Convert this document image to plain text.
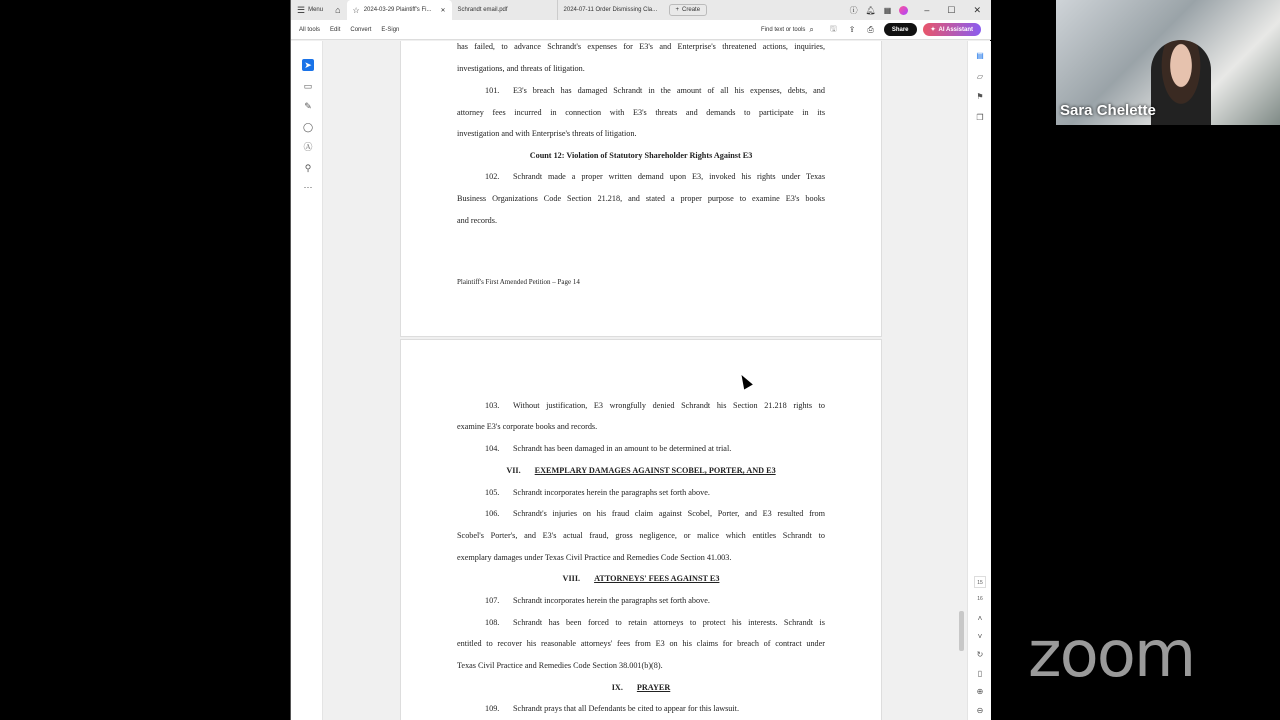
☰ Menu	⌂	☆ 2024-03-29 Plaintiff's Fi...	✕ Schrandt email.pdf	2024-07-11 Order Dismissing Cla...	+ Create	ⓘ 🔔︎ ▦	– ☐ ✕
All tools Edit Convert E-Sign	Find text or tools ⌕ 🖫 ⇪ ⎙	Share	✦ AI Assistant
➤
▭
✎
◯
Ⓐ
⚲
⋯
has failed, to advance Schrandt's expenses for E3's and Enterprise's threatened actions, inquiries,
investigations, and threats of litigation.
101. E3's breach has damaged Schrandt in the amount of all his expenses, debts, and
attorney fees incurred in connection with E3's threats and demands to participate in its
investigation and with Enterprise's threats of litigation.
Count 12: Violation of Statutory Shareholder Rights Against E3
102. Schrandt made a proper written demand upon E3, invoked his rights under Texas
Business Organizations Code Section 21.218, and stated a proper purpose to examine E3's books
and records.
Plaintiff's First Amended Petition – Page 14
103. Without justification, E3 wrongfully denied Schrandt his Section 21.218 rights to
examine E3's corporate books and records.
104. Schrandt has been damaged in an amount to be determined at trial.
VII. EXEMPLARY DAMAGES AGAINST SCOBEL, PORTER, AND E3
105. Schrandt incorporates herein the paragraphs set forth above.
106. Schrandt's injuries on his fraud claim against Scobel, Porter, and E3 resulted from
Scobel's Porter's, and E3's actual fraud, gross negligence, or malice which entitles Schrandt to
exemplary damages under Texas Civil Practice and Remedies Code Section 41.003.
VIII. ATTORNEYS' FEES AGAINST E3
107. Schrandt incorporates herein the paragraphs set forth above.
108. Schrandt has been forced to retain attorneys to protect his interests. Schrandt is
entitled to recover his reasonable attorneys' fees from E3 on his claims for breach of contract under
Texas Civil Practice and Remedies Code Section 38.001(b)(8).
IX. PRAYER
109. Schrandt prays that all Defendants be cited to appear for this lawsuit.
▤
▱
⚑
❐
15
16
˄
˅
↻
▯
⊕
⊖
Sara Chelette
zoom
